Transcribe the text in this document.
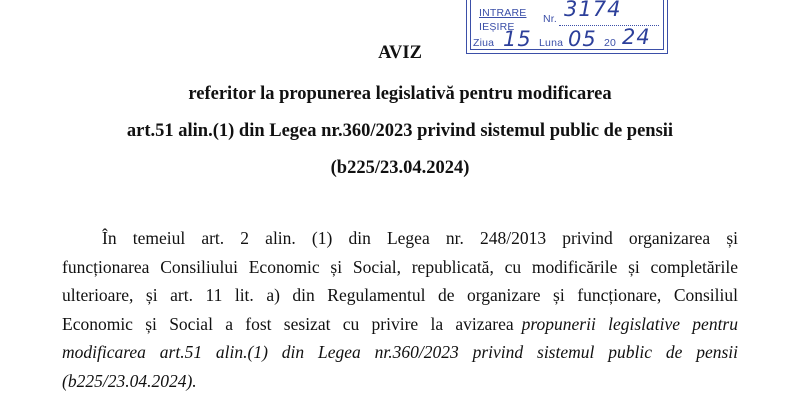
INTRARE
IEȘIRE
Nr. 3174
Ziua 15 Luna 05 20 24
AVIZ
referitor la propunerea legislativă pentru modificarea
art.51 alin.(1) din Legea nr.360/2023 privind sistemul public de pensii
(b225/23.04.2024)
În temeiul art. 2 alin. (1) din Legea nr. 248/2013 privind organizarea și
funcționarea Consiliului Economic și Social, republicată, cu modificările și completările
ulterioare, și art. 11 lit. a) din Regulamentul de organizare și funcționare, Consiliul
Economic și Social a fost sesizat cu privire la avizarea propunerii legislative pentru
modificarea art.51 alin.(1) din Legea nr.360/2023 privind sistemul public de pensii
(b225/23.04.2024).
